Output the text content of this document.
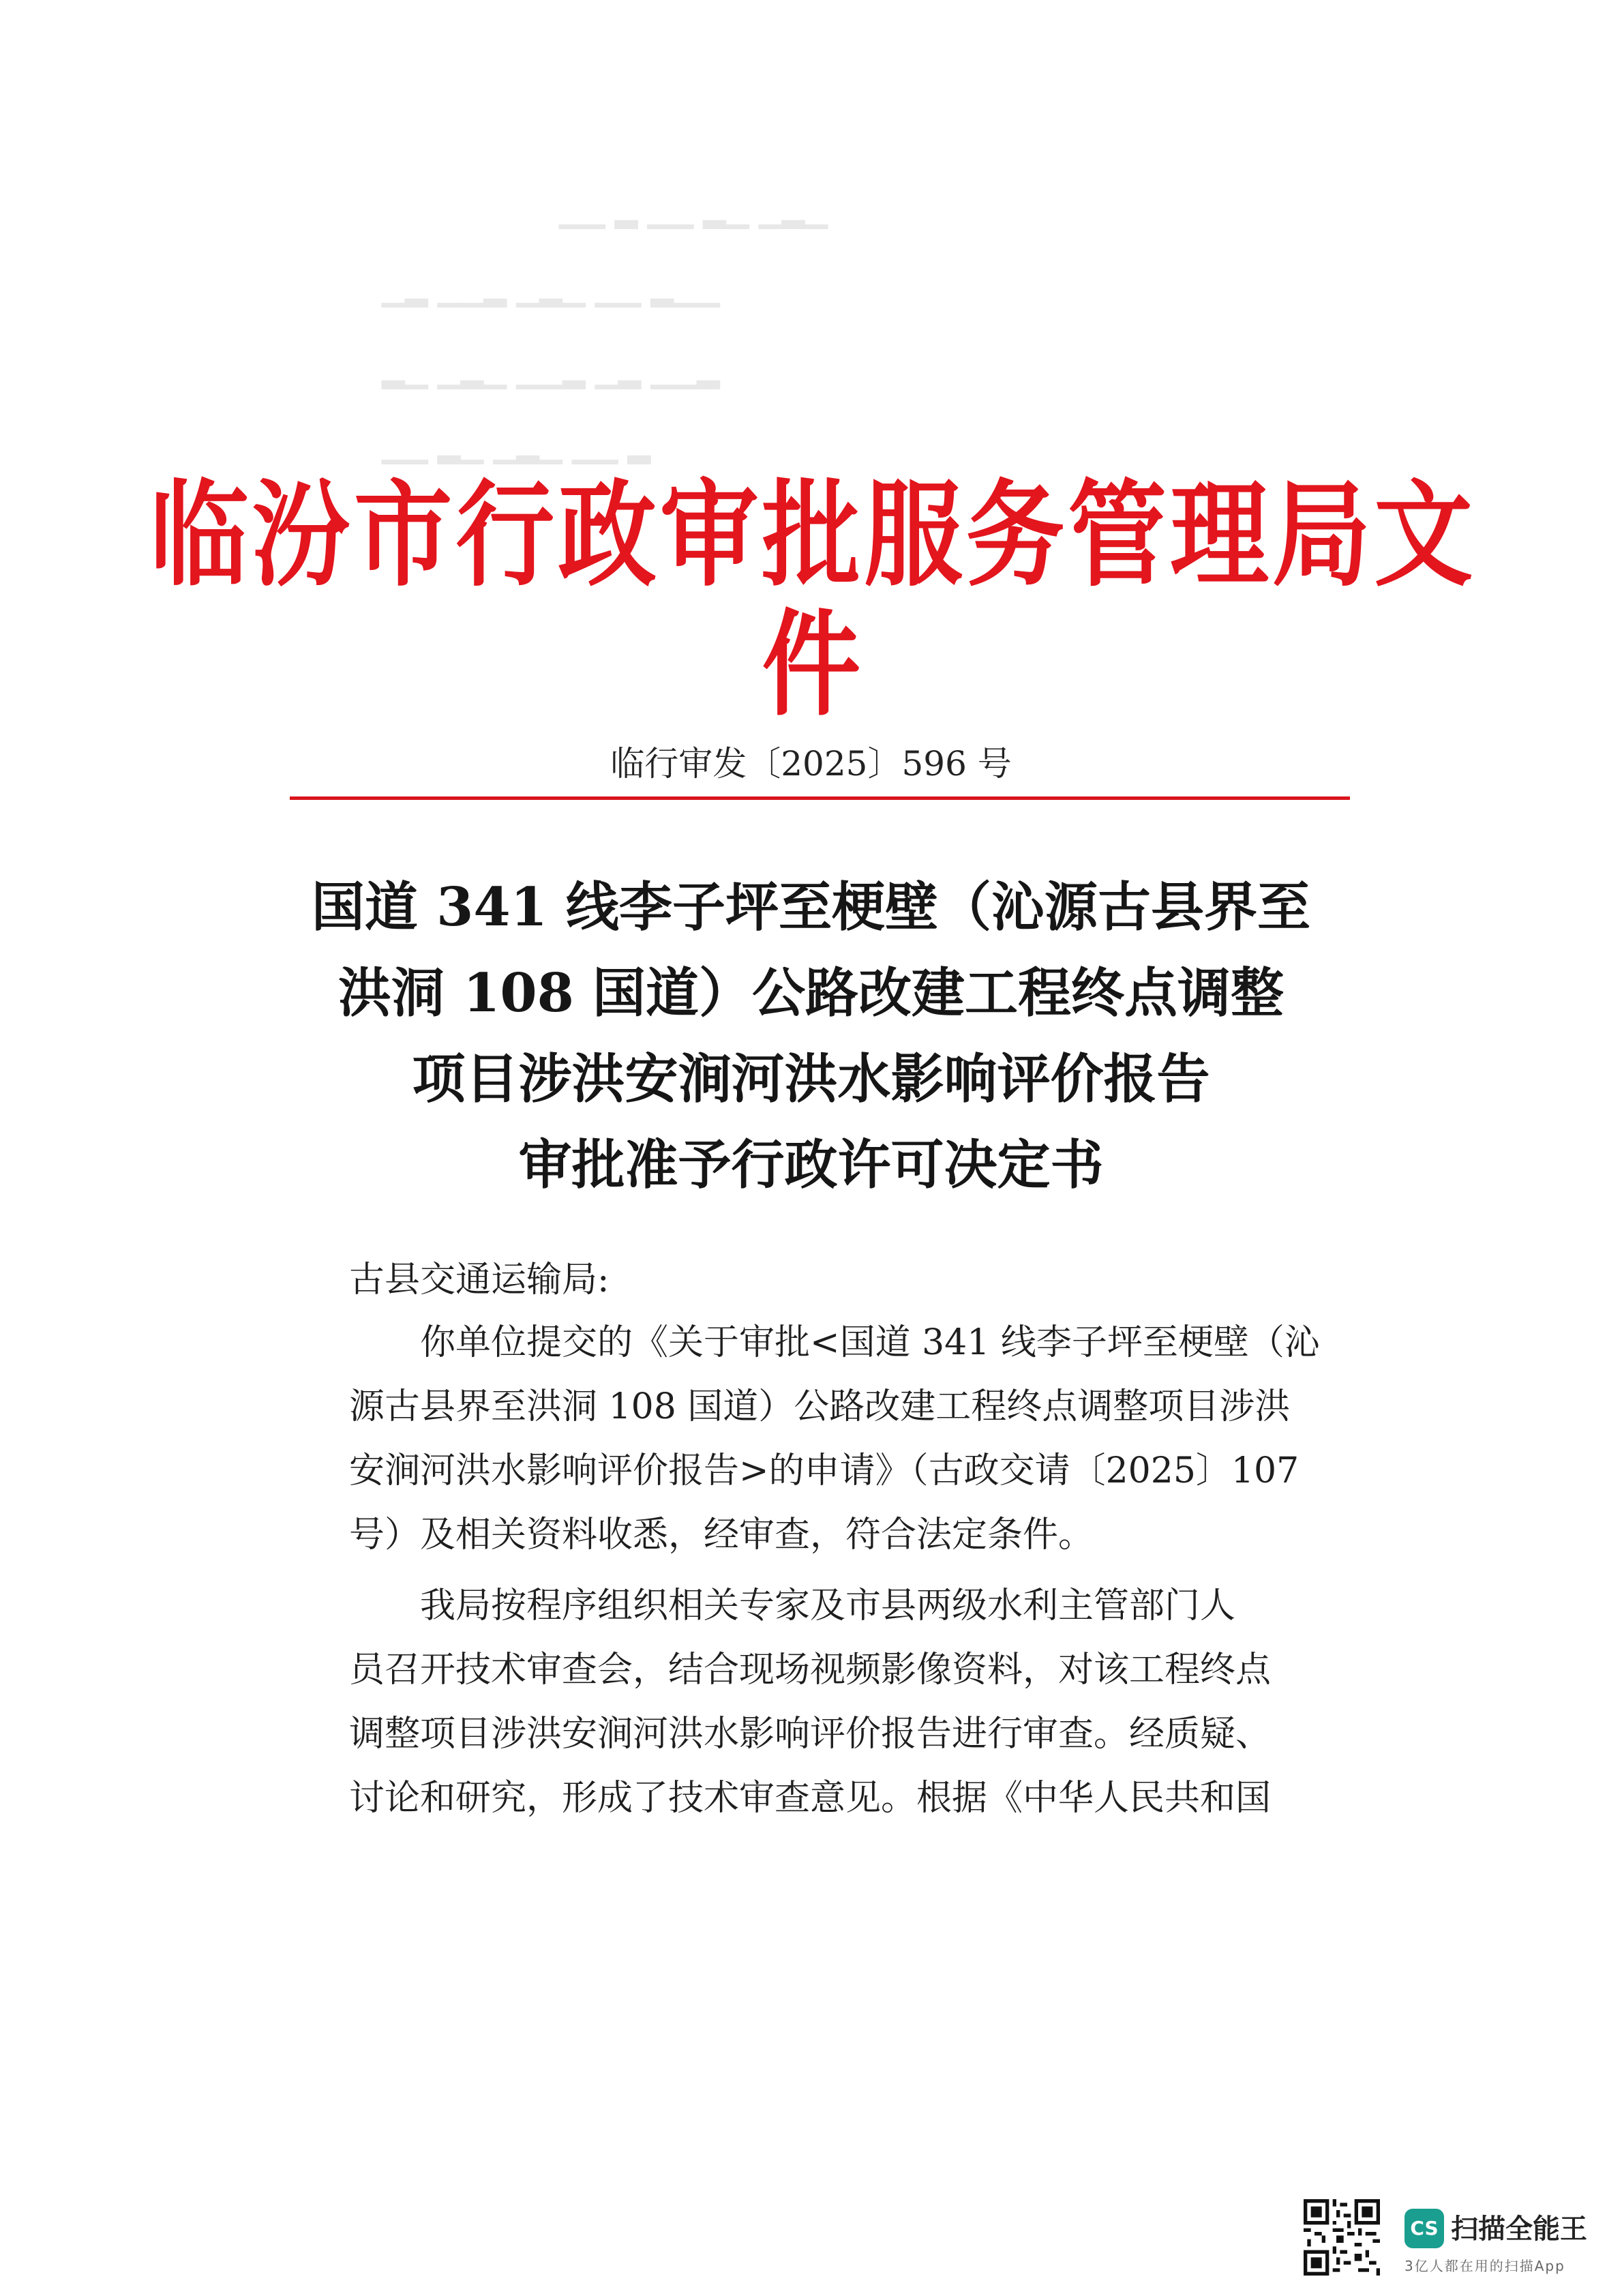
▁▁ ▂ ▁▁ ▂▁ ▁▂▁
▁▂ ▁▁▂ ▁▂▁ ▁▁ ▂▁▁
▂▁ ▁▂▁ ▁▁▂ ▁▂ ▁▁▂
▁▁ ▂▁ ▁▂▁ ▁▁ ▂
临汾市行政审批服务管理局文件
临行审发〔2025〕596 号
国道 341 线李子坪至梗壁（沁源古县界至
洪洞 108 国道）公路改建工程终点调整
项目涉洪安涧河洪水影响评价报告
审批准予行政许可决定书
古县交通运输局:
你单位提交的《关于审批<国道 341 线李子坪至梗壁（沁
源古县界至洪洞 108 国道）公路改建工程终点调整项目涉洪
安涧河洪水影响评价报告>的申请》（古政交请〔2025〕107
号）及相关资料收悉，经审查，符合法定条件。
我局按程序组织相关专家及市县两级水利主管部门人
员召开技术审查会，结合现场视频影像资料，对该工程终点
调整项目涉洪安涧河洪水影响评价报告进行审查。经质疑、
讨论和研究，形成了技术审查意见。根据《中华人民共和国
CS 扫描全能王
3亿人都在用的扫描App
